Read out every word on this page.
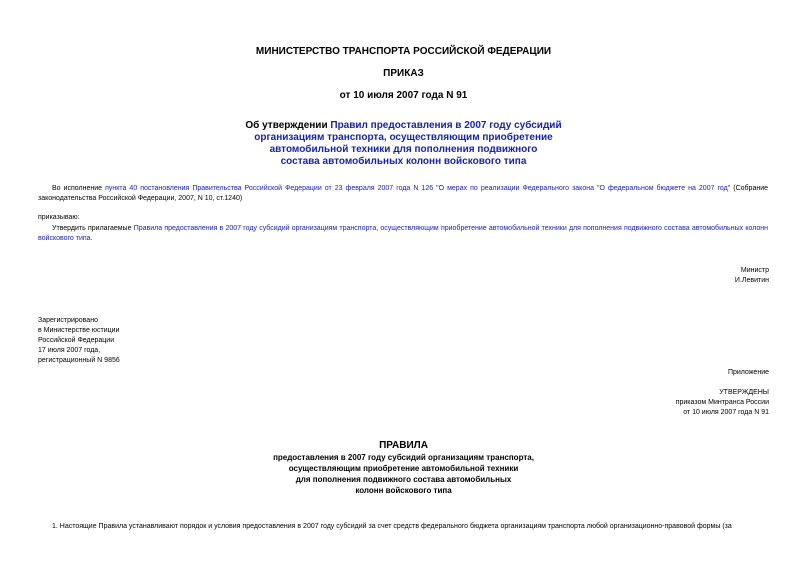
МИНИСТЕРСТВО ТРАНСПОРТА РОССИЙСКОЙ ФЕДЕРАЦИИ
ПРИКАЗ
от 10 июля 2007 года N 91
Об утверждении Правил предоставления в 2007 году субсидий
организациям транспорта, осуществляющим приобретение
автомобильной техники для пополнения подвижного
состава автомобильных колонн войскового типа
Во исполнение пункта 40 постановления Правительства Российской Федерации от 23 февраля 2007 года N 126 "О мерах по реализации Федерального закона "О федеральном бюджете на 2007 год" (Собрание законодательства Российской Федерации, 2007, N 10, ст.1240)
приказываю:
Утвердить прилагаемые Правила предоставления в 2007 году субсидий организациям транспорта, осуществляющим приобретение автомобильной техники для пополнения подвижного состава автомобильных колонн войскового типа.
Министр
И.Левитин
Зарегистрировано
в Министерстве юстиции
Российской Федерации
17 июля 2007 года,
регистрационный N 9856
Приложение
УТВЕРЖДЕНЫ
приказом Минтранса России
от 10 июля 2007 года N 91
ПРАВИЛА
предоставления в 2007 году субсидий организациям транспорта,
осуществляющим приобретение автомобильной техники
для пополнения подвижного состава автомобильных
колонн войскового типа
1. Настоящие Правила устанавливают порядок и условия предоставления в 2007 году субсидий за счет средств федерального бюджета организациям транспорта любой организационно-правовой формы (за
